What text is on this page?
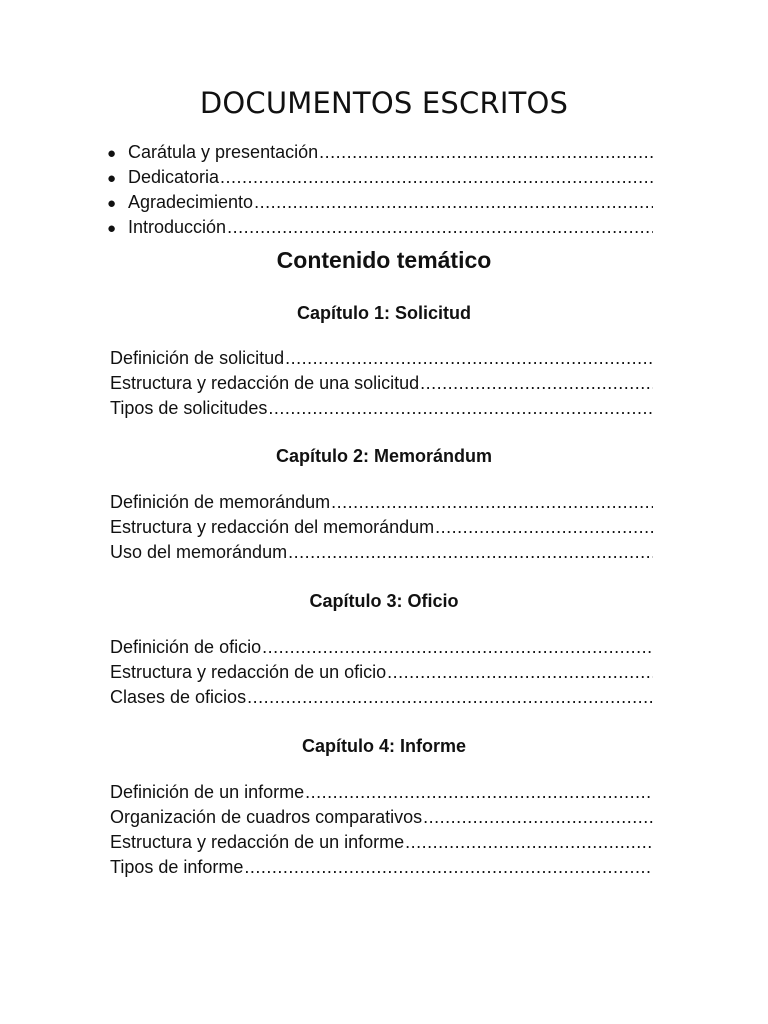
DOCUMENTOS ESCRITOS
● Carátula y presentación
.....
● Dedicatoria
.....
● Agradecimiento
.....
● Introducción
.....
Contenido temático
Capítulo 1: Solicitud
Definición de solicitud
.....
Estructura y redacción de una solicitud
.....
Tipos de solicitudes
.....
Capítulo 2: Memorándum
Definición de memorándum
.....
Estructura y redacción del memorándum
.....
Uso del memorándum
.....
Capítulo 3: Oficio
Definición de oficio
.....
Estructura y redacción de un oficio
.....
Clases de oficios
.....
Capítulo 4: Informe
Definición de un informe
.....
Organización de cuadros comparativos
.....
Estructura y redacción de un informe
.....
Tipos de informe
.....
